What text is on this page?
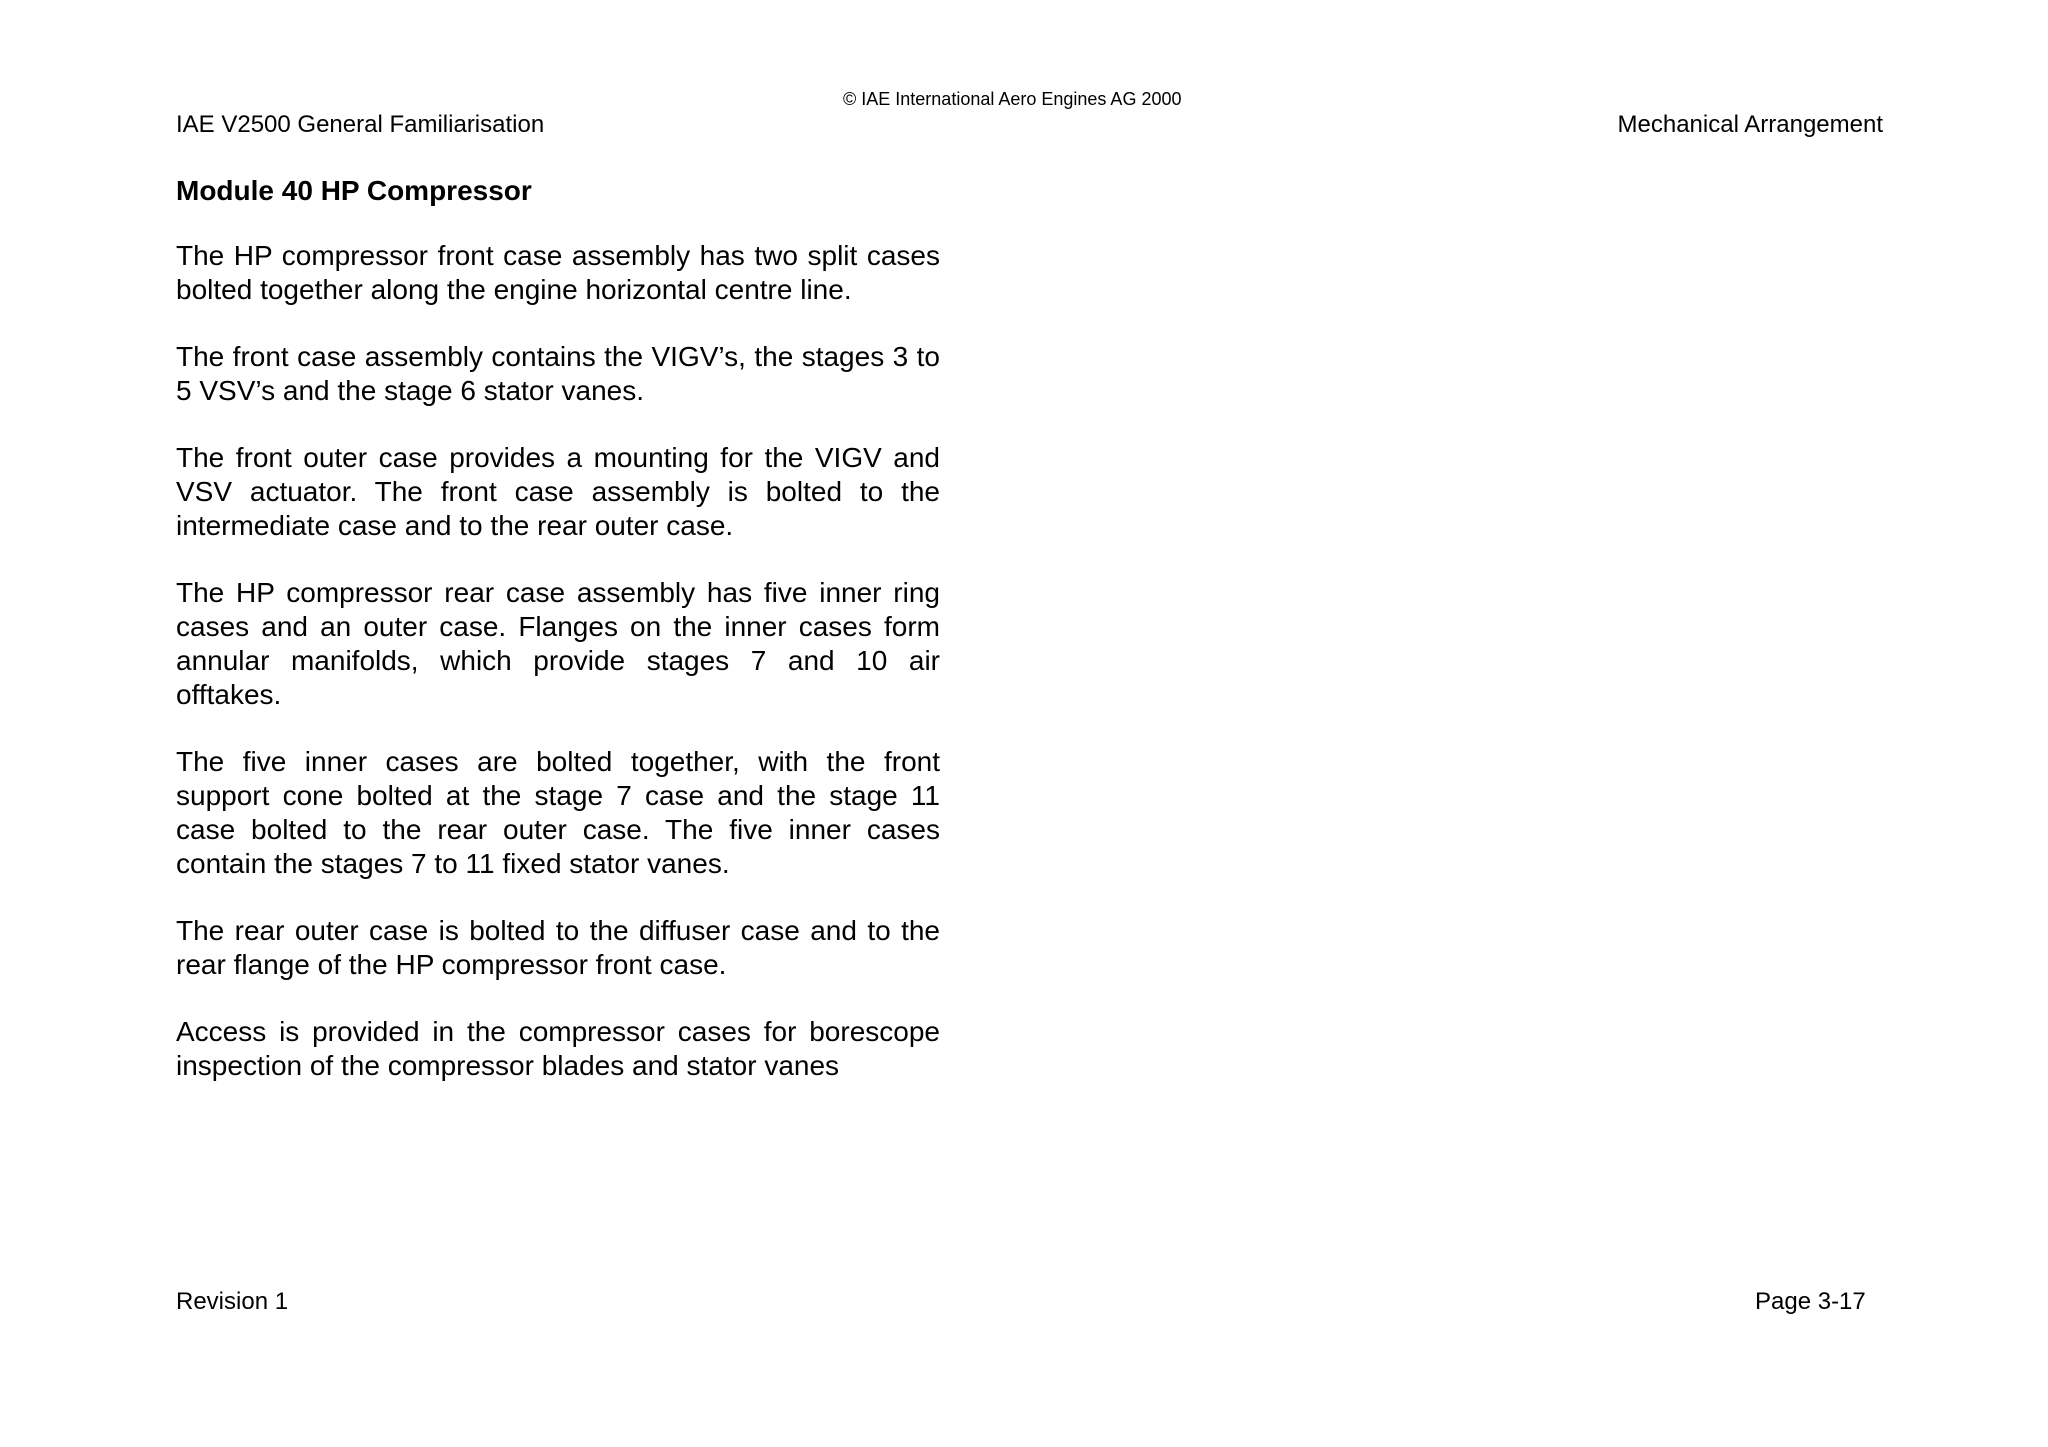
© IAE International Aero Engines AG 2000
IAE V2500 General Familiarisation	Mechanical Arrangement
Module 40 HP Compressor

The HP compressor front case assembly has two split cases bolted together along the engine horizontal centre line.

The front case assembly contains the VIGV’s, the stages 3 to 5 VSV’s and the stage 6 stator vanes.

The front outer case provides a mounting for the VIGV and VSV actuator. The front case assembly is bolted to the intermediate case and to the rear outer case.

The HP compressor rear case assembly has five inner ring cases and an outer case. Flanges on the inner cases form annular manifolds, which provide stages 7 and 10 air offtakes.

The five inner cases are bolted together, with the front support cone bolted at the stage 7 case and the stage 11 case bolted to the rear outer case. The five inner cases contain the stages 7 to 11 fixed stator vanes.

The rear outer case is bolted to the diffuser case and to the rear flange of the HP compressor front case.

Access is provided in the compressor cases for borescope inspection of the compressor blades and stator vanes

Revision 1	Page 3-17
